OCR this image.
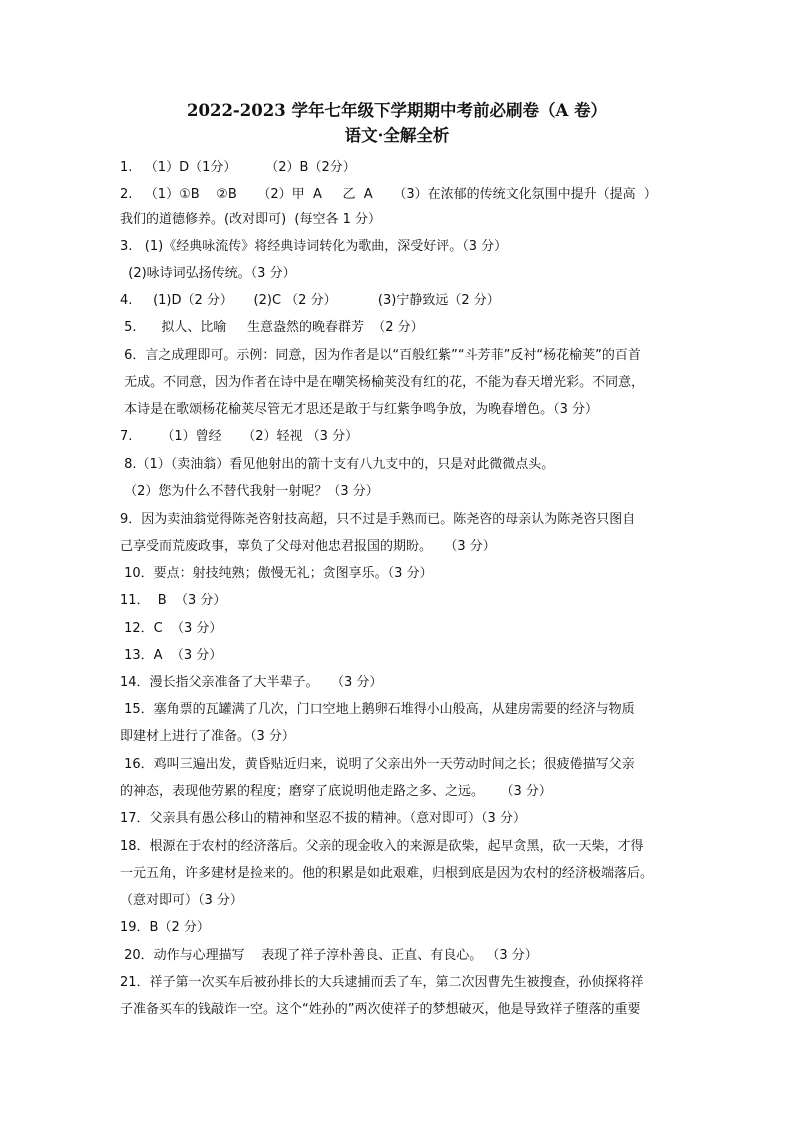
2022-2023 学年七年级下学期期中考前必刷卷（A 卷）
语文·全解全析
1.   （1）D（1分）       （2）B（2分）
2.   （1）①B    ②B     （2）甲  A     乙  A     （3）在浓郁的传统文化氛围中提升（提高  ）
我们的道德修养。(改对即可)  (每空各 1 分）
3.   (1)《经典咏流传》将经典诗词转化为歌曲，深受好评。（3 分）
(2)咏诗词弘扬传统。（3 分）
4.     (1)D（2 分）     (2)C （2 分）          (3)宁静致远（2 分）
5.      拟人、比喻     生意盎然的晚春群芳  （2 分）
6．言之成理即可。示例：同意，因为作者是以“百般红紫”“斗芳菲”反衬“杨花榆荚”的百首
无成。不同意，因为作者在诗中是在嘲笑杨榆荚没有红的花，不能为春天增光彩。不同意，
本诗是在歌颂杨花榆荚尽管无才思还是敢于与红紫争鸣争放，为晚春增色。（3 分）
7.       （1）曾经     （2）轻视 （3 分）
8.（1）（卖油翁）看见他射出的箭十支有八九支中的，只是对此微微点头。
（2）您为什么不替代我射一射呢？（3 分）
9．因为卖油翁觉得陈尧咨射技高超，只不过是手熟而已。陈尧咨的母亲认为陈尧咨只图自
己享受而荒废政事，辜负了父母对他忠君报国的期盼。   （3 分）
10．要点：射技纯熟；傲慢无礼；贪图享乐。（3 分）
11．  B  （3 分）
12．C  （3 分）
13．A  （3 分）
14．漫长指父亲准备了大半辈子。   （3 分）
15．塞角票的瓦罐满了几次，门口空地上鹅卵石堆得小山般高，从建房需要的经济与物质
即建材上进行了准备。（3 分）
16．鸡叫三遍出发，黄昏贴近归来，说明了父亲出外一天劳动时间之长；很疲倦描写父亲
的神态，表现他劳累的程度；磨穿了底说明他走路之多、之远。    （3 分）
17．父亲具有愚公移山的精神和坚忍不拔的精神。（意对即可）（3 分）
18．根源在于农村的经济落后。父亲的现金收入的来源是砍柴，起早贪黑，砍一天柴，才得
一元五角，许多建材是捡来的。他的积累是如此艰难，归根到底是因为农村的经济极端落后。
（意对即可）（3 分）
19．B（2 分）
20．动作与心理描写    表现了祥子淳朴善良、正直、有良心。 （3 分）
21．祥子第一次买车后被孙排长的大兵逮捕而丢了车，第二次因曹先生被搜查，孙侦探将祥
子准备买车的钱敲诈一空。这个“姓孙的”两次使祥子的梦想破灭，他是导致祥子堕落的重要
